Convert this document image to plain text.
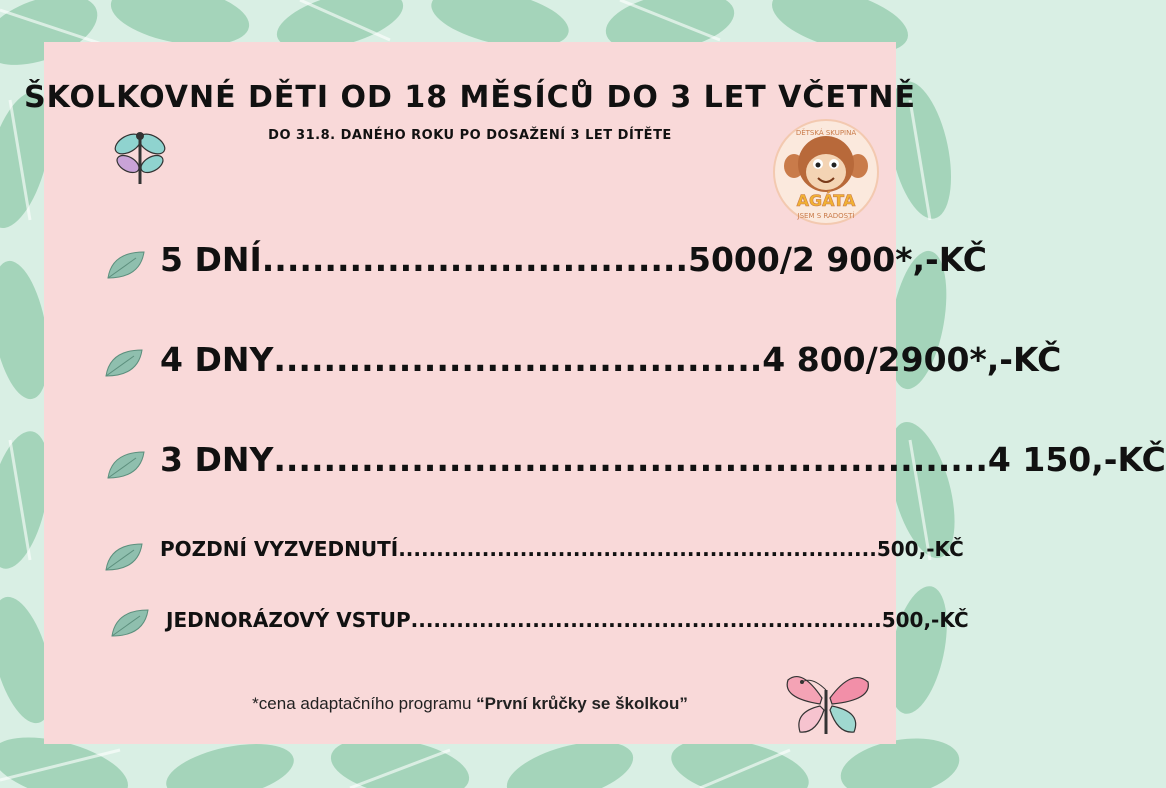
ŠKOLKOVNÉ DĚTI OD 18 MĚSÍCŮ DO 3 LET VČETNĚ
DO 31.8. DANÉHO ROKU PO DOSAŽENÍ 3 LET DÍTĚTE	DĚTSKÁ SKUPINA
AGÁTA
JSEM S RADOSTÍ
5 DNÍ .................................. 5000/2 900*,-KČ
4 DNY ....................................... 4 800/2900*,-KČ
3 DNY ......................................................... 4 150,-KČ
POZDNÍ VYZVEDNUTÍ ............................................................... 500,-KČ
JEDNORÁZOVÝ VSTUP .............................................................. 500,-KČ
*cena adaptačního programu “První krůčky se školkou”
